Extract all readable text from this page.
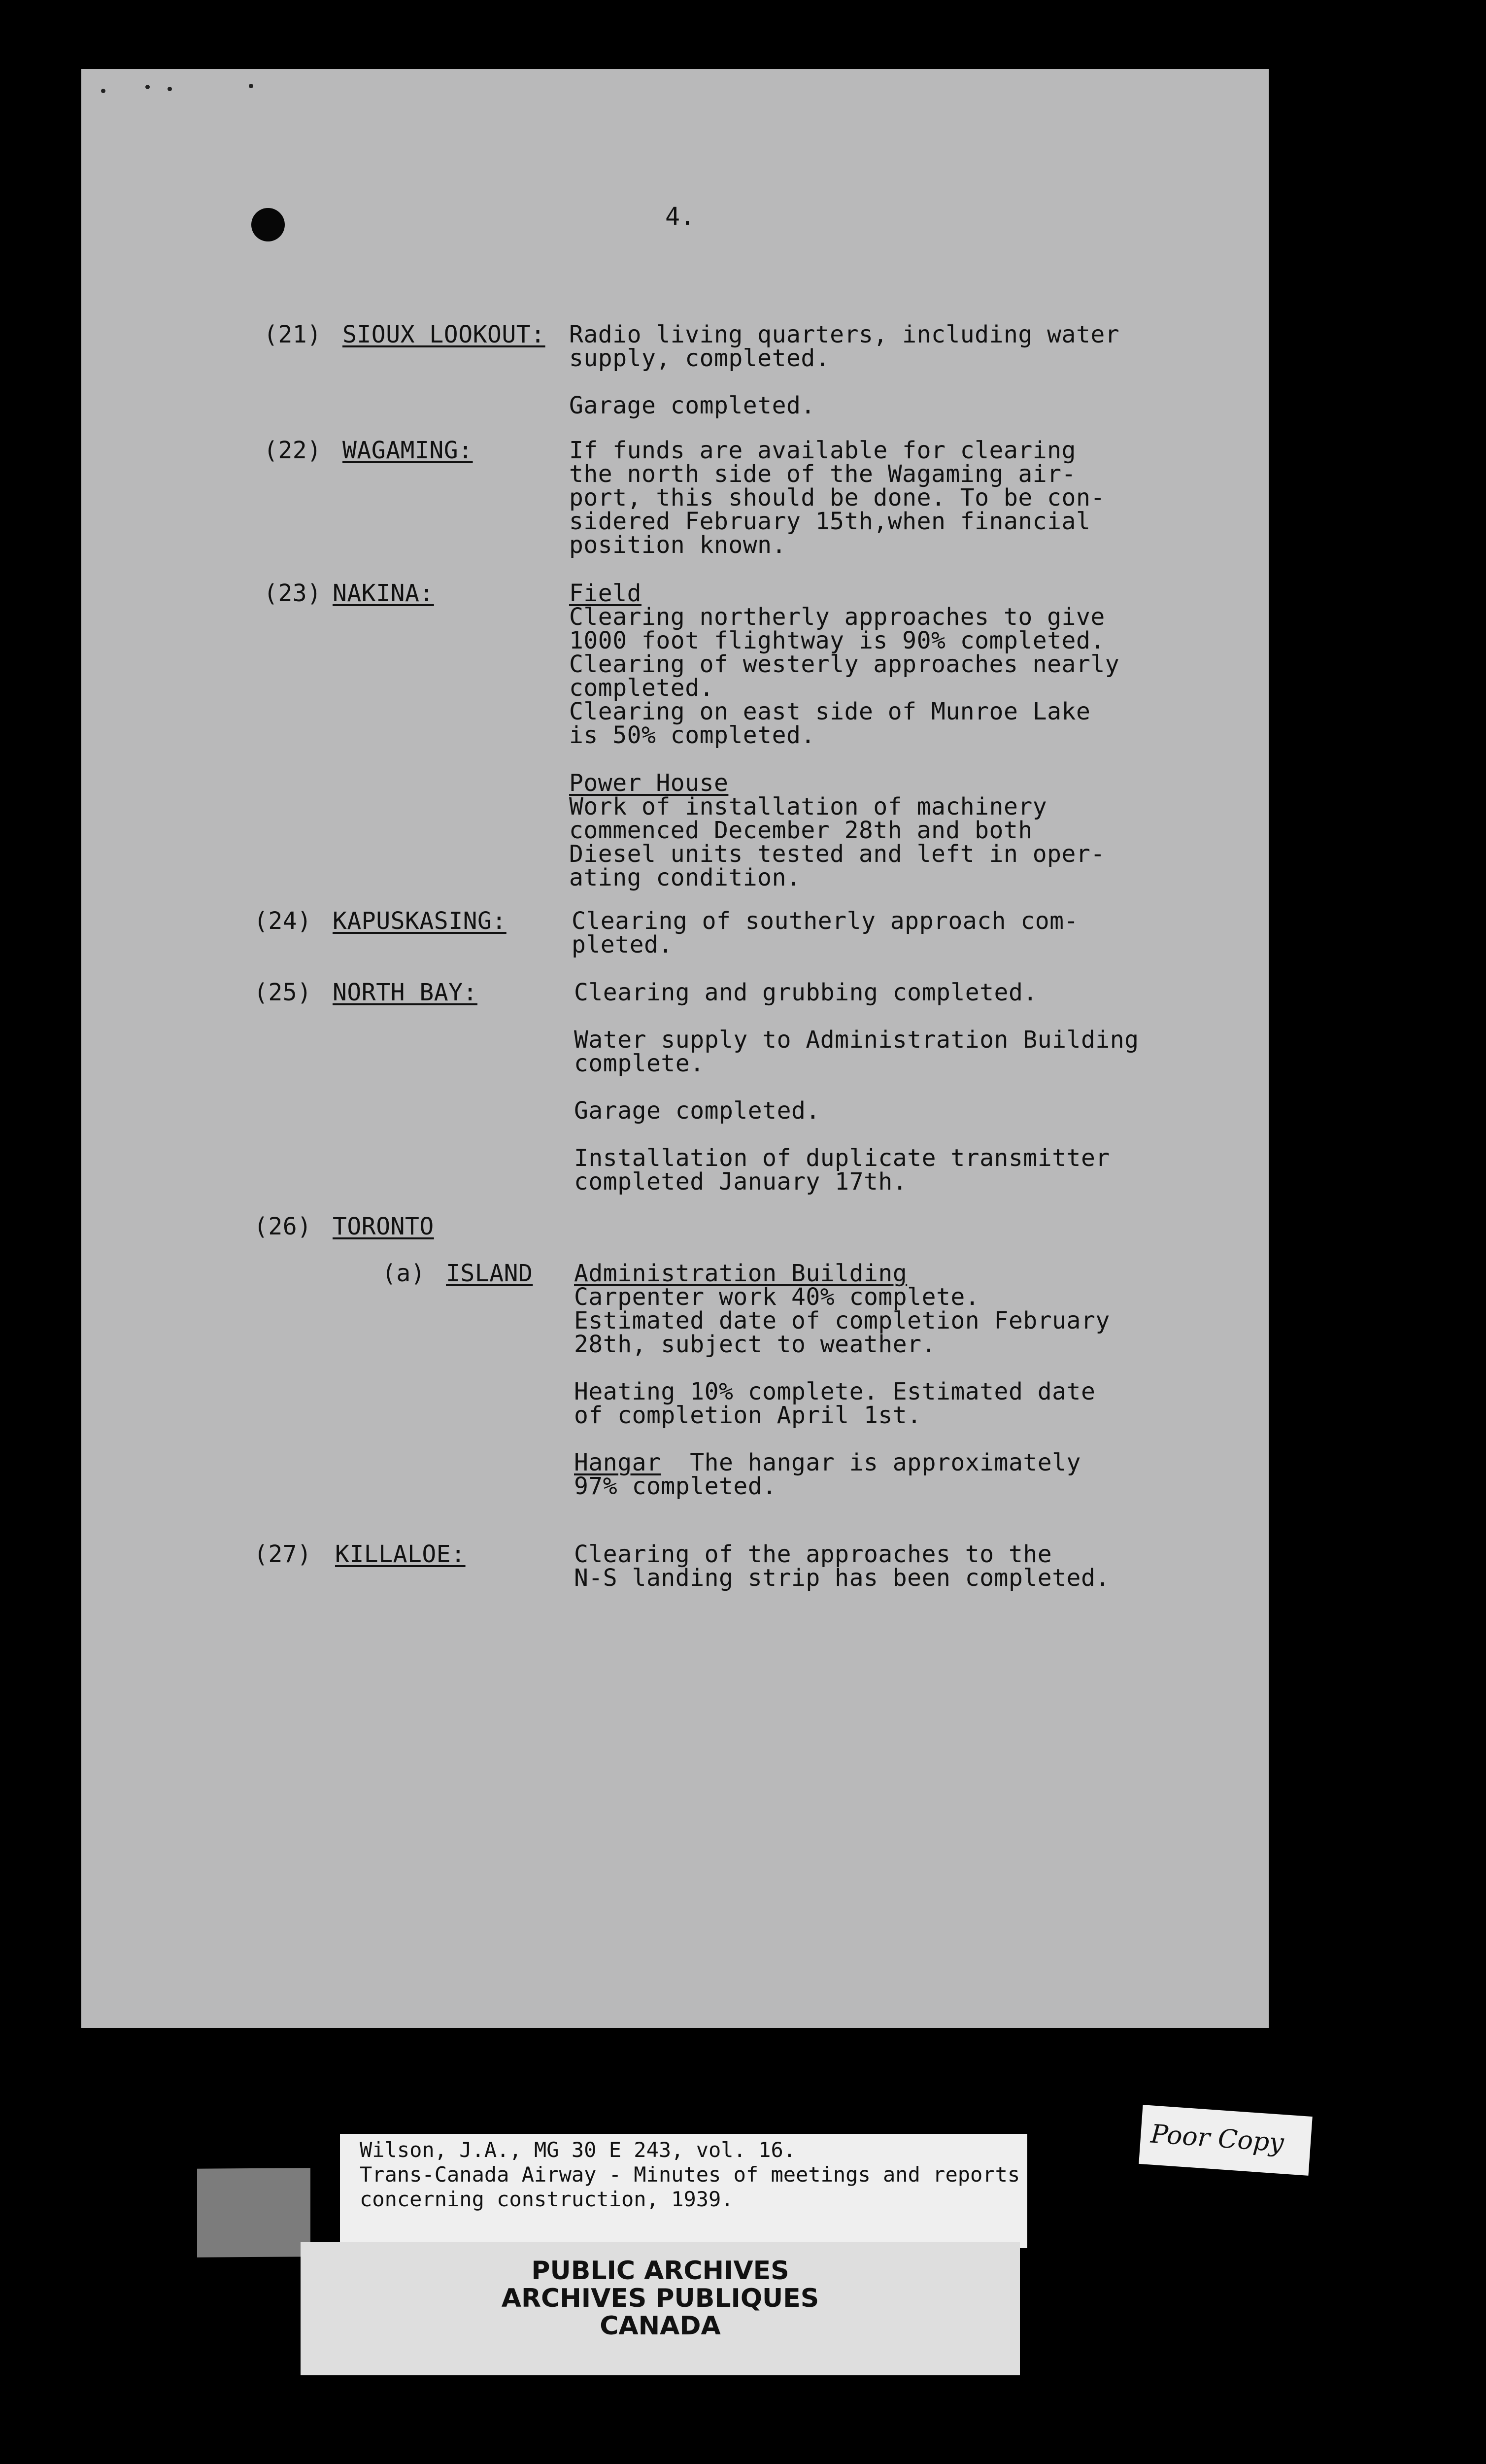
4.
(21) SIOUX LOOKOUT: Radio living quarters, including water
supply, completed.
Garage completed.
(22) WAGAMING:	If funds are available for clearing
the north side of the Wagaming air-
port, this should be done. To be con-
sidered February 15th,when financial
position known.
(23) NAKINA:	Field
Clearing northerly approaches to give
1000 foot flightway is 90% completed.
Clearing of westerly approaches nearly
completed.
Clearing on east side of Munroe Lake
is 50% completed.
Power House
Work of installation of machinery
commenced December 28th and both
Diesel units tested and left in oper-
ating condition.
(24) KAPUSKASING:	Clearing of southerly approach com-
pleted.
(25) NORTH BAY:	Clearing and grubbing completed.
Water supply to Administration Building
complete.
Garage completed.
Installation of duplicate transmitter
completed January 17th.
(26) TORONTO
(a) ISLAND Administration Building
Carpenter work 40% complete.
Estimated date of completion February
28th, subject to weather.
Heating 10% complete. Estimated date
of completion April 1st.
Hangar  The hangar is approximately
97% completed.
(27) KILLALOE:	Clearing of the approaches to the
N-S landing strip has been completed.
Wilson, J.A., MG 30 E 243, vol. 16.
Trans-Canada Airway - Minutes of meetings and reports
concerning construction, 1939.
PUBLIC ARCHIVES
ARCHIVES PUBLIQUES
CANADA
Poor Copy
